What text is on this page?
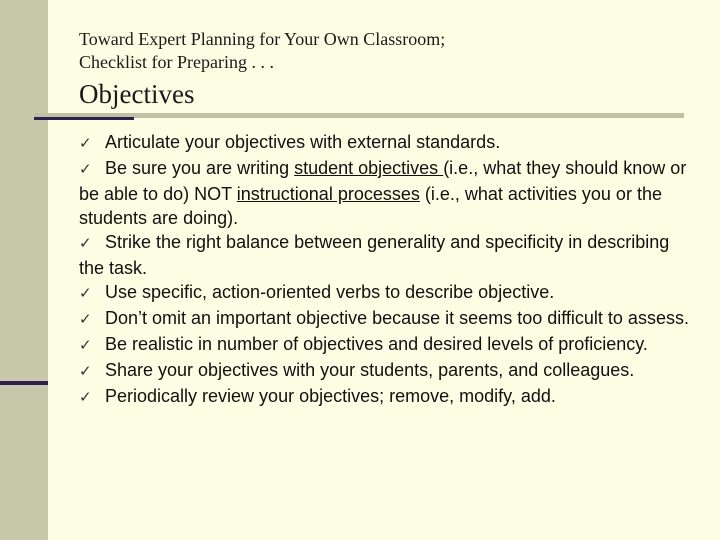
Toward Expert Planning for Your Own Classroom;
Checklist for Preparing . . .
Objectives

✓ Articulate your objectives with external standards.

✓ Be sure you are writing student objectives (i.e., what they should know or be able to do) NOT instructional processes (i.e., what activities you or the students are doing).

✓ Strike the right balance between generality and specificity in describing the task.

✓ Use specific, action-oriented verbs to describe objective.

✓ Don’t omit an important objective because it seems too difficult to assess.

✓ Be realistic in number of objectives and desired levels of proficiency.

✓ Share your objectives with your students, parents, and colleagues.

✓ Periodically review your objectives; remove, modify, add.
